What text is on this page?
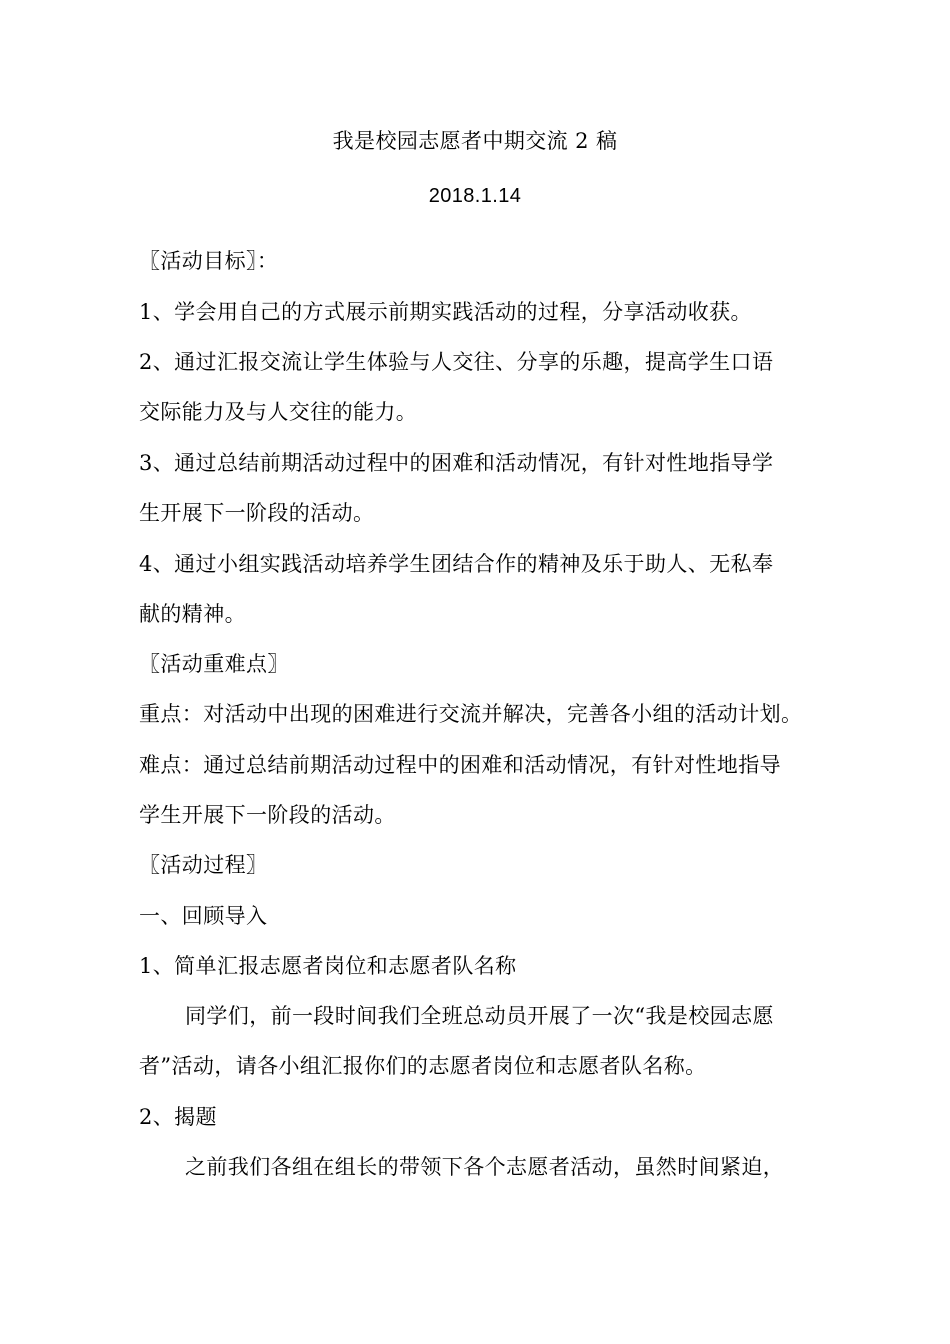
我是校园志愿者中期交流 2 稿
2018.1.14
〖活动目标〗：
1、学会用自己的方式展示前期实践活动的过程，分享活动收获。
2、通过汇报交流让学生体验与人交往、分享的乐趣，提高学生口语
交际能力及与人交往的能力。
3、通过总结前期活动过程中的困难和活动情况，有针对性地指导学
生开展下一阶段的活动。
4、通过小组实践活动培养学生团结合作的精神及乐于助人、无私奉
献的精神。
〖活动重难点〗
重点：对活动中出现的困难进行交流并解决，完善各小组的活动计划。
难点：通过总结前期活动过程中的困难和活动情况，有针对性地指导
学生开展下一阶段的活动。
〖活动过程〗
一、回顾导入
1、简单汇报志愿者岗位和志愿者队名称
同学们，前一段时间我们全班总动员开展了一次“我是校园志愿
者”活动，请各小组汇报你们的志愿者岗位和志愿者队名称。
2、揭题
之前我们各组在组长的带领下各个志愿者活动，虽然时间紧迫，
